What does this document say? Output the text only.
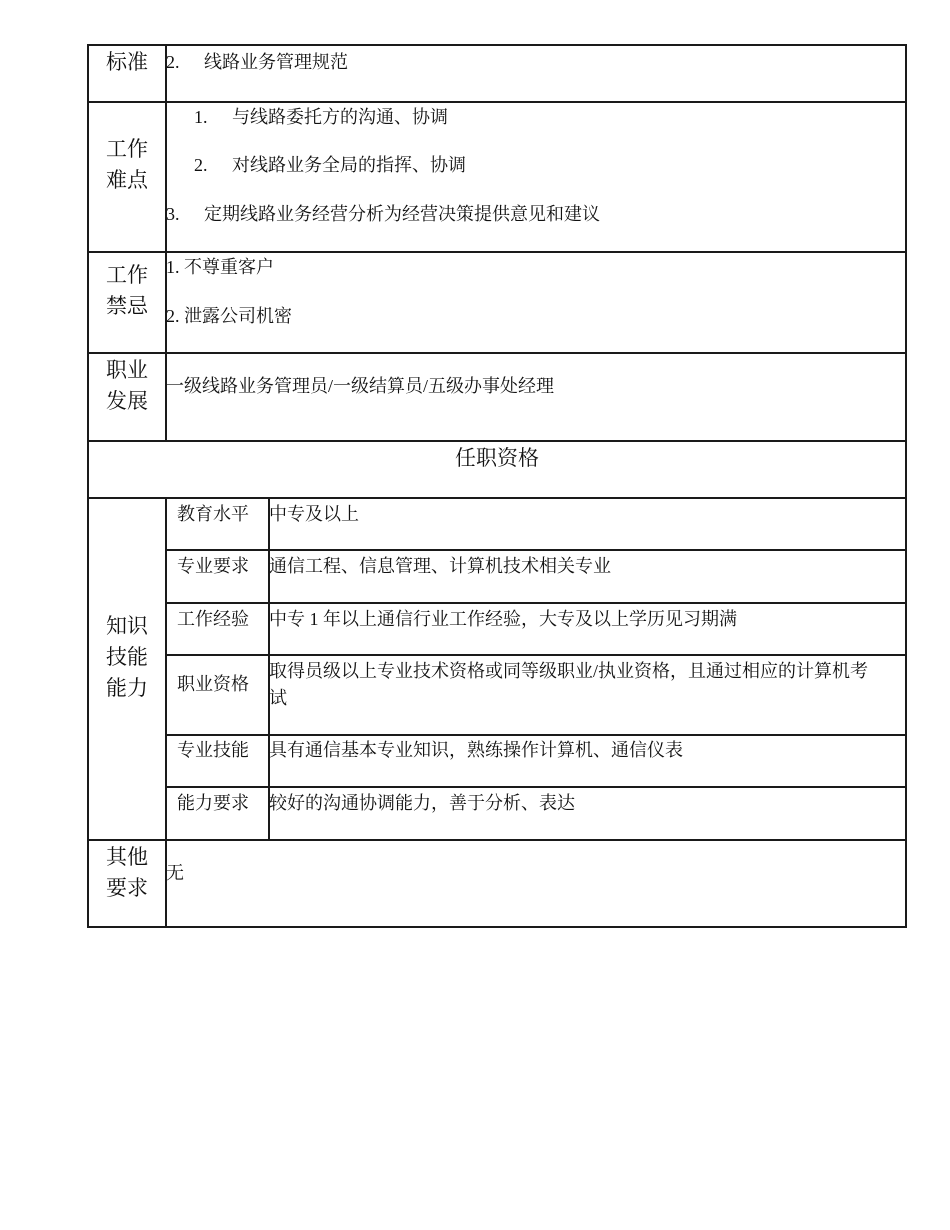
标准	2. 线路业务管理规范
工作
难点
1. 与线路委托方的沟通、协调
2. 对线路业务全局的指挥、协调
3. 定期线路业务经营分析为经营决策提供意见和建议
工作
禁忌
1. 不尊重客户
2. 泄露公司机密
职业
发展
一级线路业务管理员/一级结算员/五级办事处经理
任职资格
知识
技能
能力
教育水平 中专及以上
专业要求 通信工程、信息管理、计算机技术相关专业
工作经验 中专 1 年以上通信行业工作经验，大专及以上学历见习期满
职业资格
取得员级以上专业技术资格或同等级职业/执业资格，且通过相应的计算机考
试
专业技能 具有通信基本专业知识，熟练操作计算机、通信仪表
能力要求 较好的沟通协调能力，善于分析、表达
其他
要求
无
